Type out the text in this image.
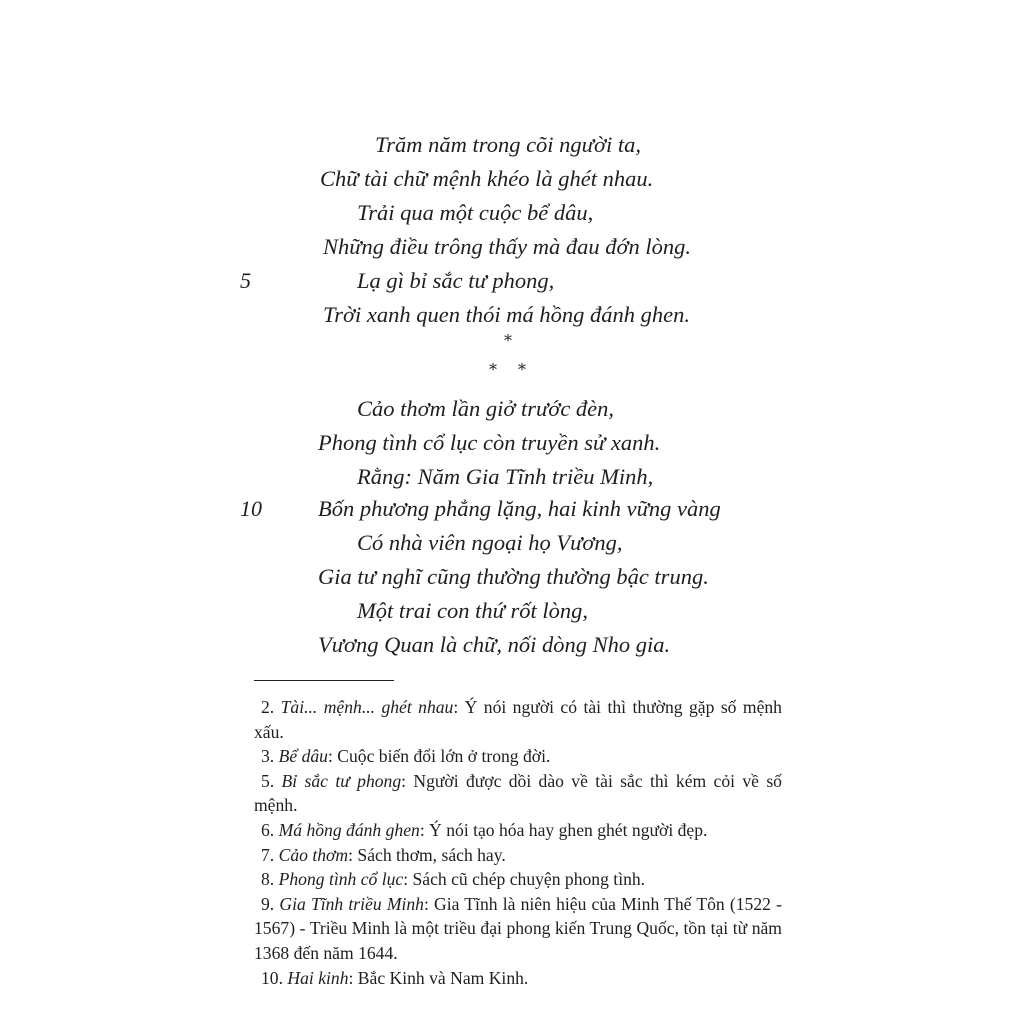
Trăm năm trong cõi người ta,
Chữ tài chữ mệnh khéo là ghét nhau.
Trải qua một cuộc bể dâu,
Những điều trông thấy mà đau đớn lòng.
5	Lạ gì bỉ sắc tư phong,
Trời xanh quen thói má hồng đánh ghen.
*
* *
Cảo thơm lần giở trước đèn,
Phong tình cổ lục còn truyền sử xanh.
Rằng: Năm Gia Tĩnh triều Minh,
10 Bốn phương phẳng lặng, hai kinh vững vàng
Có nhà viên ngoại họ Vương,
Gia tư nghĩ cũng thường thường bậc trung.
Một trai con thứ rốt lòng,
Vương Quan là chữ, nối dòng Nho gia.

2. Tài... mệnh... ghét nhau: Ý nói người có tài thì thường gặp số mệnh xấu.

3. Bể dâu: Cuộc biến đổi lớn ở trong đời.

5. Bỉ sắc tư phong: Người được dồi dào về tài sắc thì kém cỏi về số mệnh.

6. Má hồng đánh ghen: Ý nói tạo hóa hay ghen ghét người đẹp.

7. Cảo thơm: Sách thơm, sách hay.

8. Phong tình cổ lục: Sách cũ chép chuyện phong tình.

9. Gia Tĩnh triều Minh: Gia Tĩnh là niên hiệu của Minh Thế Tôn (1522 - 1567) - Triều Minh là một triều đại phong kiến Trung Quốc, tồn tại từ năm 1368 đến năm 1644.

10. Hai kinh: Bắc Kinh và Nam Kinh.
